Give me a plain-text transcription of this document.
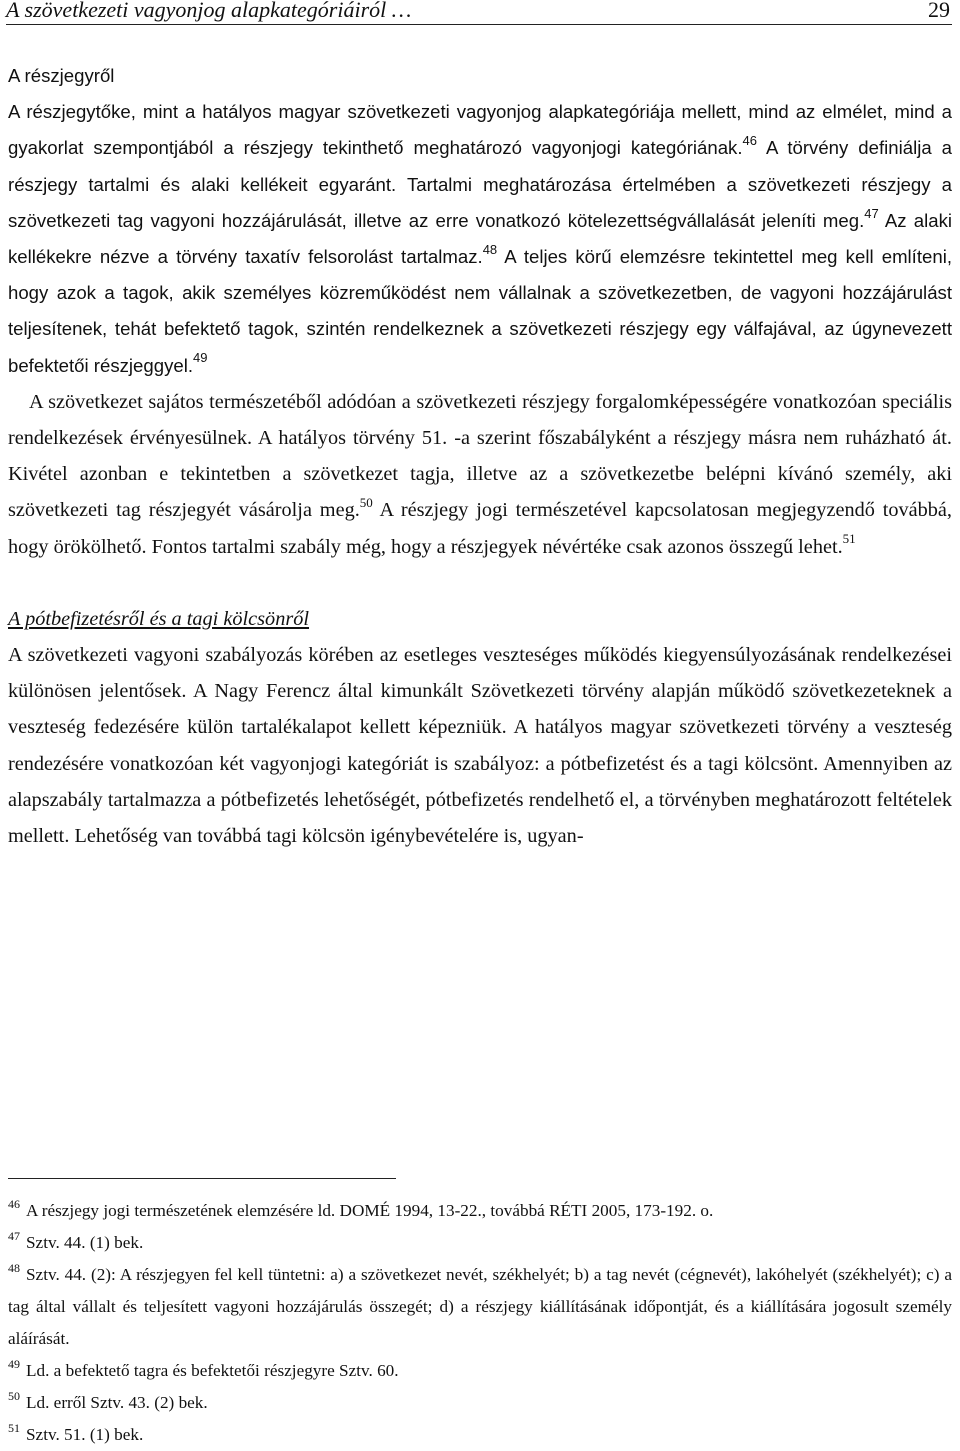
A szövetkezeti vagyonjog alapkategóriáiról …	29
A részjegyről

A részjegytőke, mint a hatályos magyar szövetkezeti vagyonjog alapkategóriája mellett, mind az elmélet, mind a gyakorlat szempontjából a részjegy tekinthető meghatározó vagyonjogi kategóriának.$^{46}$ A törvény definiálja a részjegy tartalmi és alaki kellékeit egyaránt. Tartalmi meghatározása értelmében a szövetkezeti részjegy a szövetkezeti tag vagyoni hozzájárulását, illetve az erre vonatkozó kötelezettségvállalását jeleníti meg.$^{47}$ Az alaki kellékekre nézve a törvény taxatív felsorolást tartalmaz.$^{48}$ A teljes körű elemzésre tekintettel meg kell említeni, hogy azok a tagok, akik személyes közreműködést nem vállalnak a szövetkezetben, de vagyoni hozzájárulást teljesítenek, tehát befektető tagok, szintén rendelkeznek a szövetkezeti részjegy egy válfajával, az úgynevezett befektetői részjeggyel.$^{49}$

A szövetkezet sajátos természetéből adódóan a szövetkezeti részjegy forgalomképességére vonatkozóan speciális rendelkezések érvényesülnek. A hatályos törvény 51. -a szerint főszabályként a részjegy másra nem ruházható át. Kivétel azonban e tekintetben a szövetkezet tagja, illetve az a szövetkezetbe belépni kívánó személy, aki szövetkezeti tag részjegyét vásárolja meg.$^{50}$ A részjegy jogi természetével kapcsolatosan megjegyzendő továbbá, hogy örökölhető. Fontos tartalmi szabály még, hogy a részjegyek névértéke csak azonos összegű lehet.$^{51}$

A pótbefizetésről és a tagi kölcsönről

A szövetkezeti vagyoni szabályozás körében az esetleges veszteséges működés kiegyensúlyozásának rendelkezései különösen jelentősek. A Nagy Ferencz által kimunkált Szövetkezeti törvény alapján működő szövetkezeteknek a veszteség fedezésére külön tartalékalapot kellett képezniük. A hatályos magyar szövetkezeti törvény a veszteség rendezésére vonatkozóan két vagyonjogi kategóriát is szabályoz: a pótbefizetést és a tagi kölcsönt. Amennyiben az alapszabály tartalmazza a pótbefizetés lehetőségét, pótbefizetés rendelhető el, a törvényben meghatározott feltételek mellett. Lehetőség van továbbá tagi kölcsön igénybevételére is, ugyan-

$^{46}$ A részjegy jogi természetének elemzésére ld. DOMÉ 1994, 13-22., továbbá RÉTI 2005, 173-192. o.

$^{47}$ Sztv. 44. (1) bek.

$^{48}$ Sztv. 44. (2): A részjegyen fel kell tüntetni: a) a szövetkezet nevét, székhelyét; b) a tag nevét (cégnevét), lakóhelyét (székhelyét); c) a tag által vállalt és teljesített vagyoni hozzájárulás összegét; d) a részjegy kiállításának időpontját, és a kiállítására jogosult személy aláírását.

$^{49}$ Ld. a befektető tagra és befektetői részjegyre Sztv. 60.

$^{50}$ Ld. erről Sztv. 43. (2) bek.

$^{51}$ Sztv. 51. (1) bek.
